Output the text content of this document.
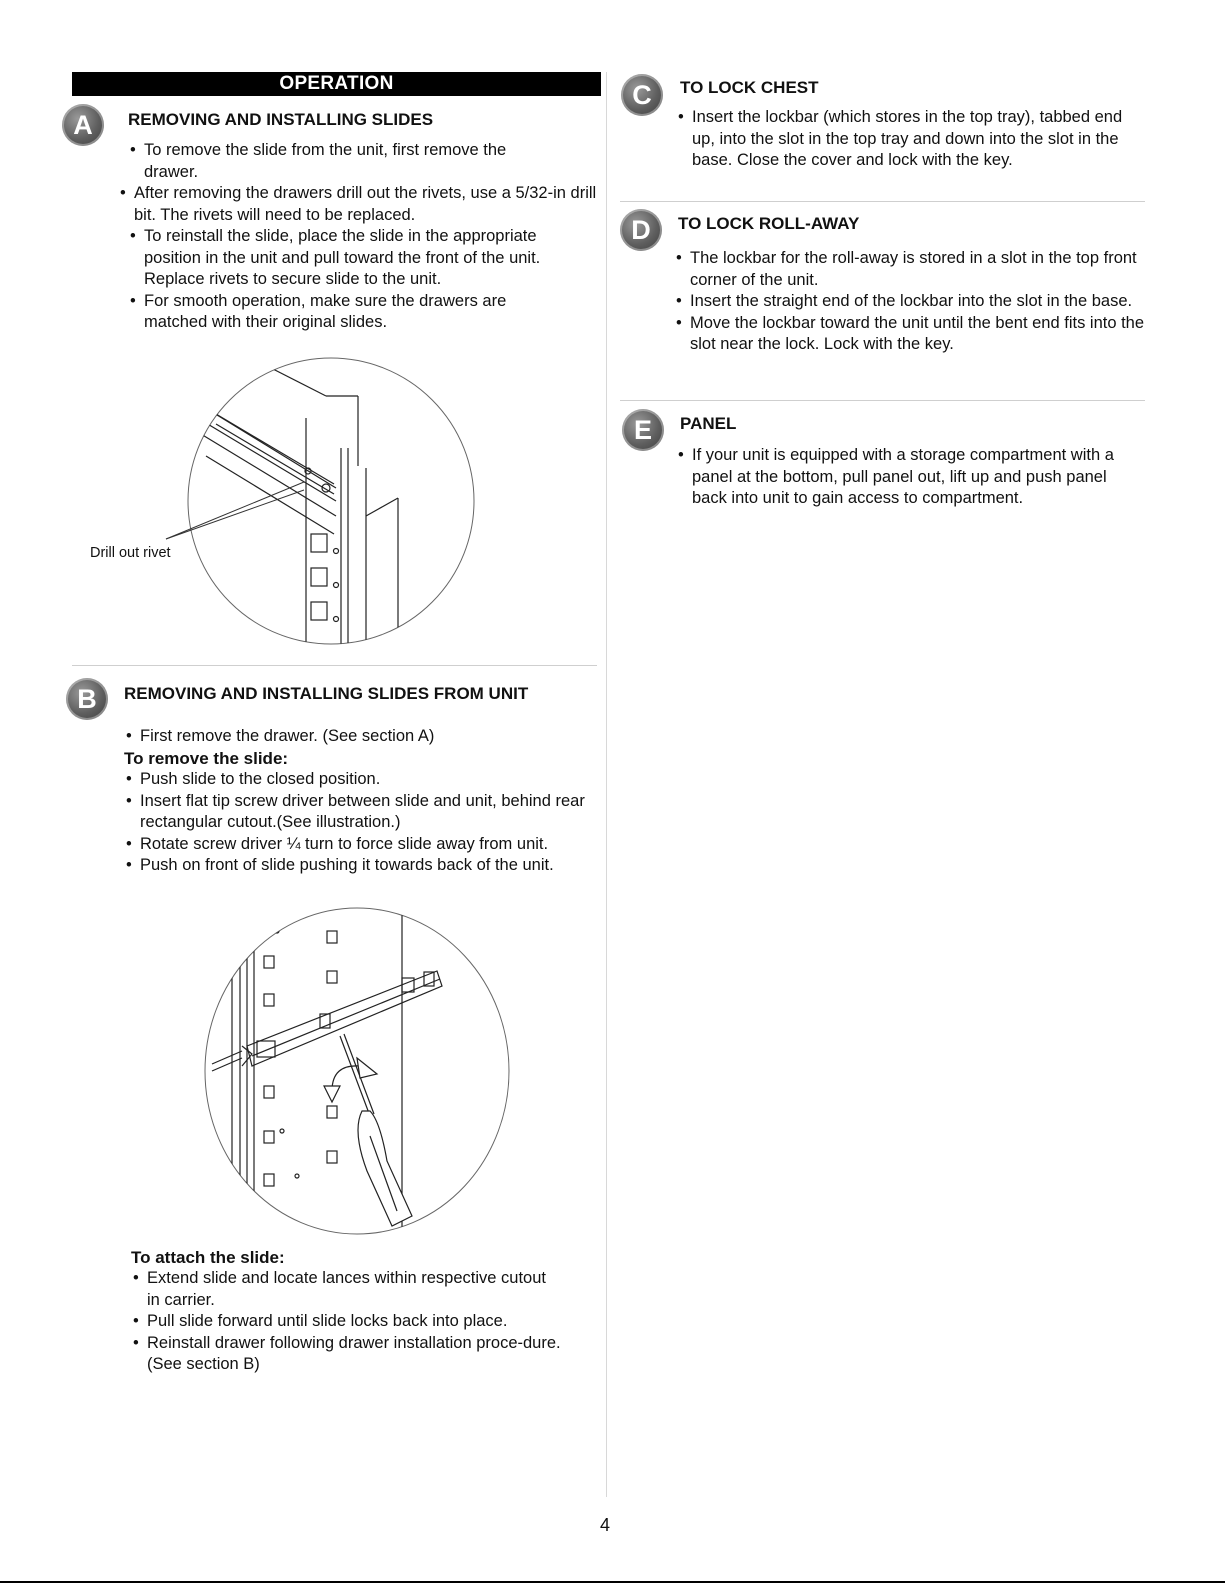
OPERATION
A	REMOVING AND INSTALLING SLIDES
• To remove the slide from the unit, first remove the drawer.
• After removing the drawers drill out the rivets, use a 5/32-in drill bit. The rivets will need to be replaced.
• To reinstall the slide, place the slide in the appropriate position in the unit and pull toward the front of the unit. Replace rivets to secure slide to the unit.
• For smooth operation, make sure the drawers are matched with their original slides.
Drill out rivet
B	REMOVING AND INSTALLING SLIDES FROM UNIT
• First remove the drawer. (See section A)
To remove the slide:
• Push slide to the closed position.
• Insert flat tip screw driver between slide and unit, behind rear rectangular cutout.(See illustration.)
• Rotate screw driver ¼ turn to force slide away from unit.
• Push on front of slide pushing it towards back of the unit.
To attach the slide:
• Extend slide and locate lances within respective cutout in carrier.
• Pull slide forward until slide locks back into place.
• Reinstall drawer following drawer installation proce-dure.(See section B)
C	TO LOCK CHEST
• Insert the lockbar (which stores in the top tray), tabbed end up, into the slot in the top tray and down into the slot in the base. Close the cover and lock with the key.
D	TO LOCK ROLL-AWAY
• The lockbar for the roll-away is stored in a slot in the top front corner of the unit.
• Insert the straight end of the lockbar into the slot in the base.
• Move the lockbar toward the unit until the bent end fits into the slot near the lock. Lock with the key.
E	PANEL
• If your unit is equipped with a storage compartment with a panel at the bottom, pull panel out, lift up and push panel back into unit to gain access to compartment.
4
